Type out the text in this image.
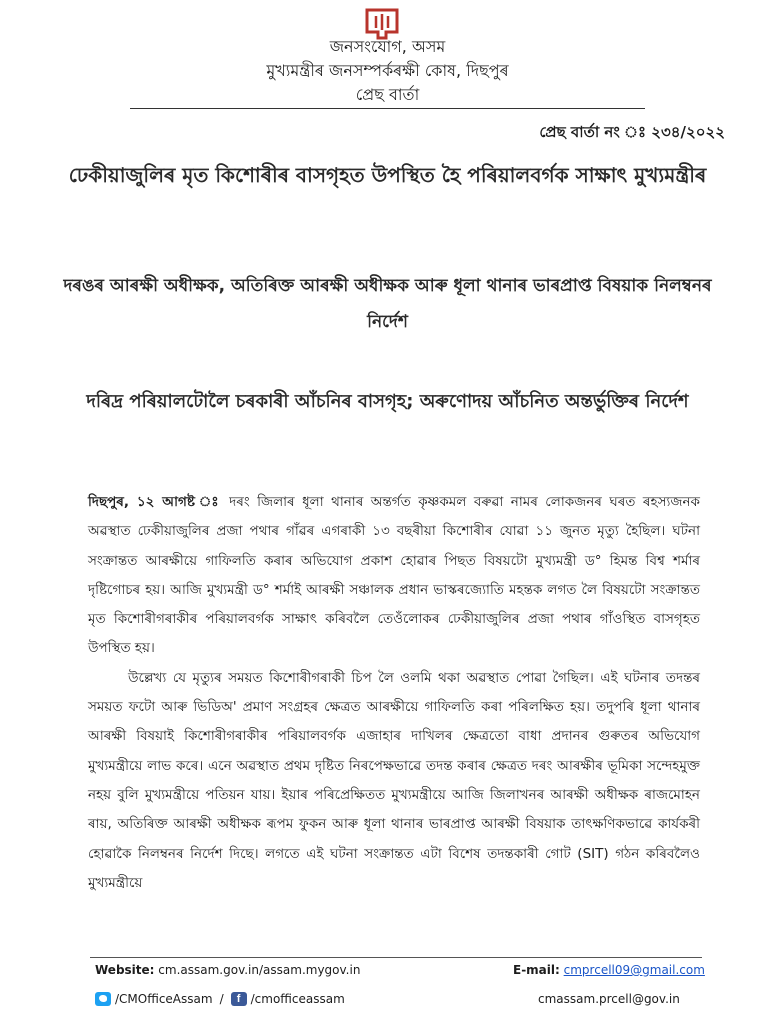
জনসংযোগ, অসম
মুখ্যমন্ত্ৰীৰ জনসম্পৰ্কৰক্ষী কোষ, দিছপুৰ
প্ৰেছ বাৰ্তা
প্ৰেছ বাৰ্তা নং ঃ ২৩৪/২০২২
ঢেকীয়াজুলিৰ মৃত কিশোৰীৰ বাসগৃহত উপস্থিত হৈ পৰিয়ালবৰ্গক সাক্ষাৎ মুখ্যমন্ত্ৰীৰ
দৰঙৰ আৰক্ষী অধীক্ষক, অতিৰিক্ত আৰক্ষী অধীক্ষক আৰু ধূলা থানাৰ ভাৰপ্ৰাপ্ত বিষয়াক নিলম্বনৰ নিৰ্দেশ
দৰিদ্ৰ পৰিয়ালটোলৈ চৰকাৰী আঁচনিৰ বাসগৃহ; অৰুণোদয় আঁচনিত অন্তৰ্ভুক্তিৰ নিৰ্দেশ

দিছপুৰ, ১২ আগষ্ট ঃ দৰং জিলাৰ ধূলা থানাৰ অন্তৰ্গত কৃষ্ণকমল বৰুৱা নামৰ লোকজনৰ ঘৰত ৰহস্যজনক অৱস্থাত ঢেকীয়াজুলিৰ প্ৰজা পথাৰ গাঁৱৰ এগৰাকী ১৩ বছৰীয়া কিশোৰীৰ যোৱা ১১ জুনত মৃত্যু হৈছিল। ঘটনা সংক্ৰান্তত আৰক্ষীয়ে গাফিলতি কৰাৰ অভিযোগ প্ৰকাশ হোৱাৰ পিছত বিষয়টো মুখ্যমন্ত্ৰী ড° হিমন্ত বিশ্ব শৰ্মাৰ দৃষ্টিগোচৰ হয়। আজি মুখ্যমন্ত্ৰী ড° শৰ্মাই আৰক্ষী সঞ্চালক প্ৰধান ভাস্কৰজ্যোতি মহন্তক লগত লৈ বিষয়টো সংক্ৰান্তত মৃত কিশোৰীগৰাকীৰ পৰিয়ালবৰ্গক সাক্ষাৎ কৰিবলৈ তেওঁলোকৰ ঢেকীয়াজুলিৰ প্ৰজা পথাৰ গাঁওস্থিত বাসগৃহত উপস্থিত হয়।

উল্লেখ্য যে মৃত্যুৰ সময়ত কিশোৰীগৰাকী চিপ লৈ ওলমি থকা অৱস্থাত পোৱা গৈছিল। এই ঘটনাৰ তদন্তৰ সময়ত ফটো আৰু ভিডিঅ' প্ৰমাণ সংগ্ৰহৰ ক্ষেত্ৰত আৰক্ষীয়ে গাফিলতি কৰা পৰিলক্ষিত হয়। তদুপৰি ধূলা থানাৰ আৰক্ষী বিষয়াই কিশোৰীগৰাকীৰ পৰিয়ালবৰ্গক এজাহাৰ দাখিলৰ ক্ষেত্ৰতো বাধা প্ৰদানৰ গুৰুতৰ অভিযোগ মুখ্যমন্ত্ৰীয়ে লাভ কৰে। এনে অৱস্থাত প্ৰথম দৃষ্টিত নিৰপেক্ষভাৱে তদন্ত কৰাৰ ক্ষেত্ৰত দৰং আৰক্ষীৰ ভূমিকা সন্দেহমুক্ত নহয় বুলি মুখ্যমন্ত্ৰীয়ে পতিয়ন যায়। ইয়াৰ পৰিপ্ৰেক্ষিতত মুখ্যমন্ত্ৰীয়ে আজি জিলাখনৰ আৰক্ষী অধীক্ষক ৰাজমোহন ৰায়, অতিৰিক্ত আৰক্ষী অধীক্ষক ৰূপম ফুকন আৰু ধূলা থানাৰ ভাৰপ্ৰাপ্ত আৰক্ষী বিষয়াক তাৎক্ষণিকভাৱে কাৰ্যকৰী হোৱাকৈ নিলম্বনৰ নিৰ্দেশ দিছে। লগতে এই ঘটনা সংক্ৰান্তত এটা বিশেষ তদন্তকাৰী গোট (SIT) গঠন কৰিবলৈও মুখ্যমন্ত্ৰীয়ে

Website: cm.assam.gov.in/assam.mygov.in	E-mail: cmprcell09@gmail.com
/CMOfficeAssam /	f /cmofficeassam	cmassam.prcell@gov.in
